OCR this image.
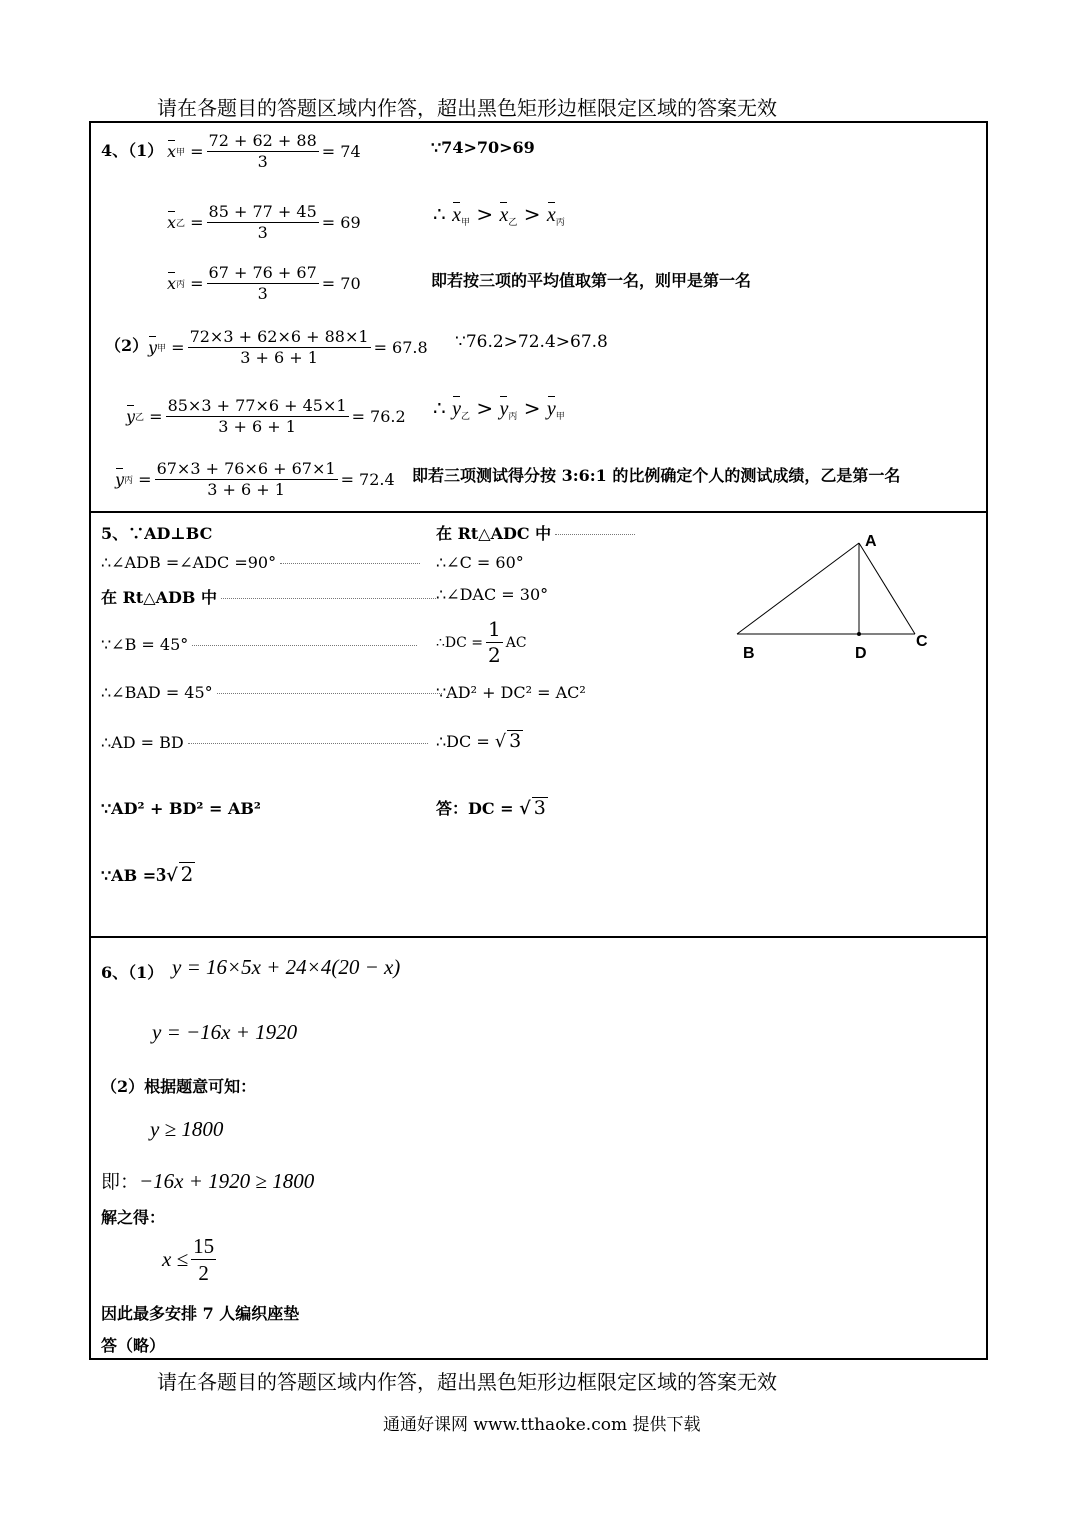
请在各题目的答题区域内作答，超出黑色矩形边框限定区域的答案无效
4、（1） x 甲 = $\frac{72 + 62 + 88}{3} = 74$
x 乙 = $\frac{85 + 77 + 45}{3} = 69$
x 丙 = $\frac{67 + 76 + 67}{3} = 70$
∵74>70>69
∴ $x_甲 > x_乙 > x_丙$
即若按三项的平均值取第一名，则甲是第一名
（2） y 甲 = $\frac{72\times 3 + 62\times 6 + 88\times 1}{3 + 6 + 1} = 67.8$
y 乙 = $\frac{85\times 3 + 77\times 6 + 45\times 1}{3 + 6 + 1} = 76.2$
y 丙 = $\frac{67\times 3 + 76\times 6 + 67\times 1}{3 + 6 + 1} = 72.4$
∵76.2>72.4>67.8
∴ $y_乙 > y_丙 > y_甲$
即若三项测试得分按 3:6:1 的比例确定个人的测试成绩，乙是第一名
5、∵AD⊥BC
∴∠ADB =∠ADC =90°
在 Rt△ADB 中
∵∠B = 45°
∴∠BAD = 45°
∴AD = BD
∵AD² + BD² = AB²
∵AB =3√ 2
在 Rt△ADC 中
∴∠C = 60°
∴∠DAC = 30°
∴DC = $\frac{1}{2}$ AC
∵AD² + DC² = AC²
∴DC = √ 3
答：DC = √ 3
A
B
C
D
6、（1） y = 16×5x + 24×4(20 − x)
y = −16x + 1920
（2）根据题意可知：
y ≥ 1800
即：−16x + 1920 ≥ 1800
解之得：
$x \le \frac{15}{2}$
因此最多安排 7 人编织座垫
答（略）
请在各题目的答题区域内作答，超出黑色矩形边框限定区域的答案无效
通通好课网 www.tthaoke.com 提供下载
